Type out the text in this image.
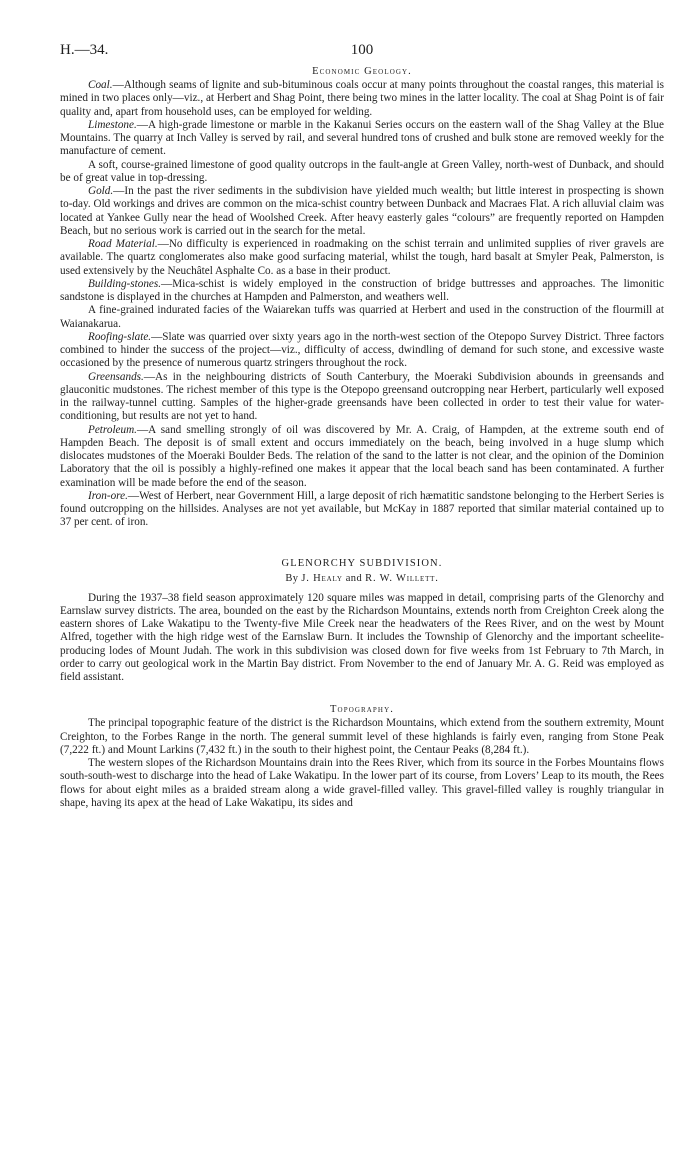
H.—34.	100
Economic Geology.

Coal.—Although seams of lignite and sub-bituminous coals occur at many points throughout the coastal ranges, this material is mined in two places only—viz., at Herbert and Shag Point, there being two mines in the latter locality. The coal at Shag Point is of fair quality and, apart from household uses, can be employed for welding.

Limestone.—A high-grade limestone or marble in the Kakanui Series occurs on the eastern wall of the Shag Valley at the Blue Mountains. The quarry at Inch Valley is served by rail, and several hundred tons of crushed and bulk stone are removed weekly for the manufacture of cement.

A soft, course-grained limestone of good quality outcrops in the fault-angle at Green Valley, north-west of Dunback, and should be of great value in top-dressing.

Gold.—In the past the river sediments in the subdivision have yielded much wealth; but little interest in prospecting is shown to-day. Old workings and drives are common on the mica-schist country between Dunback and Macraes Flat. A rich alluvial claim was located at Yankee Gully near the head of Woolshed Creek. After heavy easterly gales “colours” are frequently reported on Hampden Beach, but no serious work is carried out in the search for the metal.

Road Material.—No difficulty is experienced in roadmaking on the schist terrain and unlimited supplies of river gravels are available. The quartz conglomerates also make good surfacing material, whilst the tough, hard basalt at Smyler Peak, Palmerston, is used extensively by the Neuchâtel Asphalte Co. as a base in their product.

Building-stones.—Mica-schist is widely employed in the construction of bridge buttresses and approaches. The limonitic sandstone is displayed in the churches at Hampden and Palmerston, and weathers well.

A fine-grained indurated facies of the Waiarekan tuffs was quarried at Herbert and used in the construction of the flourmill at Waianakarua.

Roofing-slate.—Slate was quarried over sixty years ago in the north-west section of the Otepopo Survey District. Three factors combined to hinder the success of the project—viz., difficulty of access, dwindling of demand for such stone, and excessive waste occasioned by the presence of numerous quartz stringers throughout the rock.

Greensands.—As in the neighbouring districts of South Canterbury, the Moeraki Subdivision abounds in greensands and glauconitic mudstones. The richest member of this type is the Otepopo greensand outcropping near Herbert, particularly well exposed in the railway-tunnel cutting. Samples of the higher-grade greensands have been collected in order to test their value for water-conditioning, but results are not yet to hand.

Petroleum.—A sand smelling strongly of oil was discovered by Mr. A. Craig, of Hampden, at the extreme south end of Hampden Beach. The deposit is of small extent and occurs immediately on the beach, being involved in a huge slump which dislocates mudstones of the Moeraki Boulder Beds. The relation of the sand to the latter is not clear, and the opinion of the Dominion Laboratory that the oil is possibly a highly-refined one makes it appear that the local beach sand has been contaminated. A further examination will be made before the end of the season.

Iron-ore.—West of Herbert, near Government Hill, a large deposit of rich hæmatitic sandstone belonging to the Herbert Series is found outcropping on the hillsides. Analyses are not yet available, but McKay in 1887 reported that similar material contained up to 37 per cent. of iron.

GLENORCHY SUBDIVISION.
By J. Healy and R. W. Willett.

During the 1937–38 field season approximately 120 square miles was mapped in detail, comprising parts of the Glenorchy and Earnslaw survey districts. The area, bounded on the east by the Richardson Mountains, extends north from Creighton Creek along the eastern shores of Lake Wakatipu to the Twenty-five Mile Creek near the headwaters of the Rees River, and on the west by Mount Alfred, together with the high ridge west of the Earnslaw Burn. It includes the Township of Glenorchy and the important scheelite-producing lodes of Mount Judah. The work in this subdivision was closed down for five weeks from 1st February to 7th March, in order to carry out geological work in the Martin Bay district. From November to the end of January Mr. A. G. Reid was employed as field assistant.

Topography.

The principal topographic feature of the district is the Richardson Mountains, which extend from the southern extremity, Mount Creighton, to the Forbes Range in the north. The general summit level of these highlands is fairly even, ranging from Stone Peak (7,222 ft.) and Mount Larkins (7,432 ft.) in the south to their highest point, the Centaur Peaks (8,284 ft.).

The western slopes of the Richardson Mountains drain into the Rees River, which from its source in the Forbes Mountains flows south-south-west to discharge into the head of Lake Wakatipu. In the lower part of its course, from Lovers’ Leap to its mouth, the Rees flows for about eight miles as a braided stream along a wide gravel-filled valley. This gravel-filled valley is roughly triangular in shape, having its apex at the head of Lake Wakatipu, its sides and
